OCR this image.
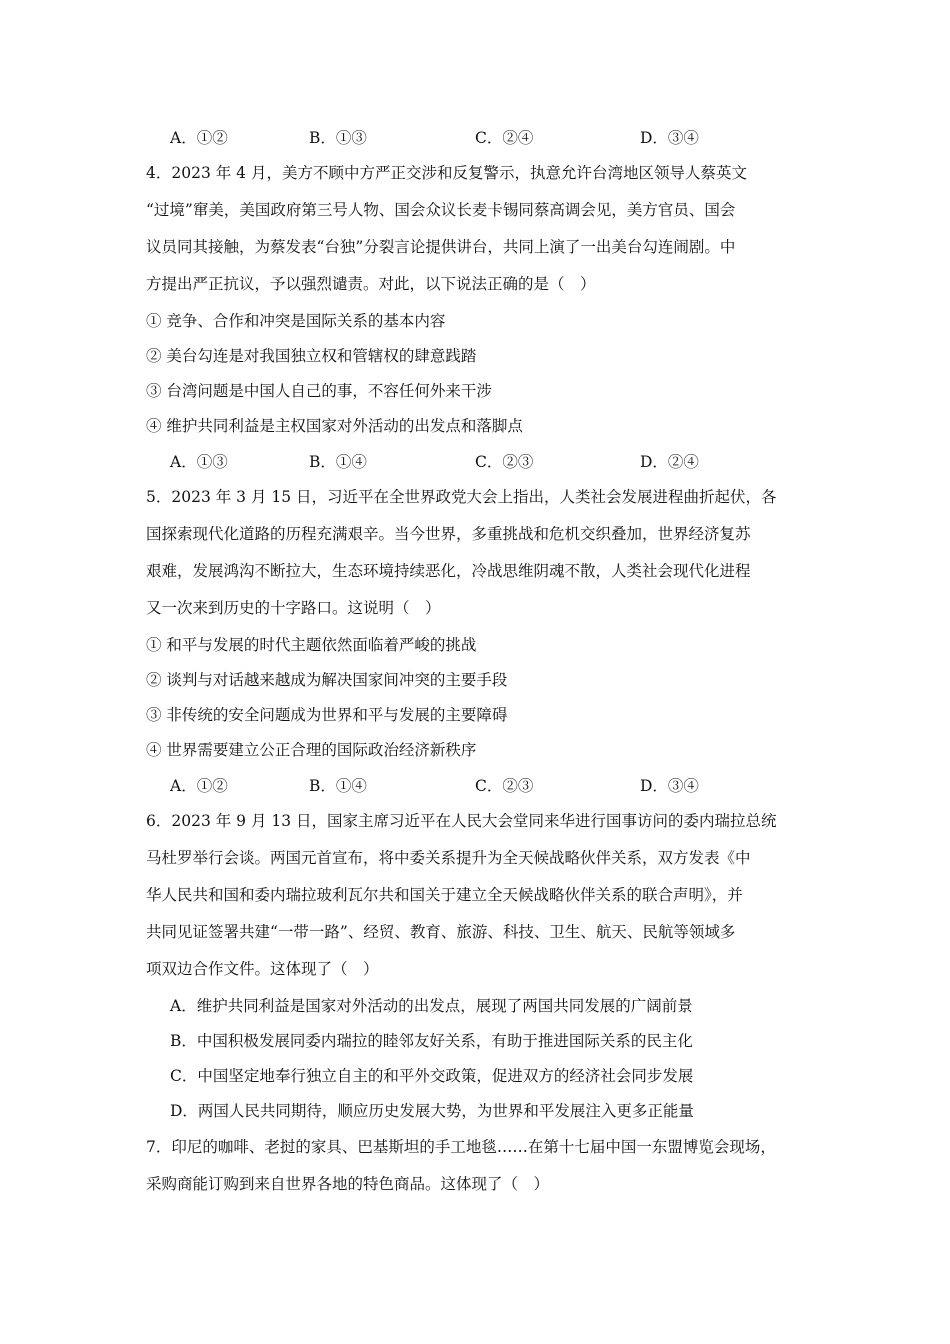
A．①②	B．①③	C．②④	D．③④
4．2023 年 4 月，美方不顾中方严正交涉和反复警示，执意允许台湾地区领导人蔡英文
“过境”窜美，美国政府第三号人物、国会众议长麦卡锡同蔡高调会见，美方官员、国会
议员同其接触，为蔡发表“台独”分裂言论提供讲台，共同上演了一出美台勾连闹剧。中
方提出严正抗议，予以强烈谴责。对此，以下说法正确的是（　）
① 竞争、合作和冲突是国际关系的基本内容
② 美台勾连是对我国独立权和管辖权的肆意践踏
③ 台湾问题是中国人自己的事，不容任何外来干涉
④ 维护共同利益是主权国家对外活动的出发点和落脚点
A．①③	B．①④	C．②③	D．②④
5．2023 年 3 月 15 日，习近平在全世界政党大会上指出，人类社会发展进程曲折起伏，各
国探索现代化道路的历程充满艰辛。当今世界，多重挑战和危机交织叠加，世界经济复苏
艰难，发展鸿沟不断拉大，生态环境持续恶化，冷战思维阴魂不散，人类社会现代化进程
又一次来到历史的十字路口。这说明（　）
① 和平与发展的时代主题依然面临着严峻的挑战
② 谈判与对话越来越成为解决国家间冲突的主要手段
③ 非传统的安全问题成为世界和平与发展的主要障碍
④ 世界需要建立公正合理的国际政治经济新秩序
A．①②	B．①④	C．②③	D．③④
6．2023 年 9 月 13 日，国家主席习近平在人民大会堂同来华进行国事访问的委内瑞拉总统
马杜罗举行会谈。两国元首宣布，将中委关系提升为全天候战略伙伴关系，双方发表《中
华人民共和国和委内瑞拉玻利瓦尔共和国关于建立全天候战略伙伴关系的联合声明》，并
共同见证签署共建“一带一路”、经贸、教育、旅游、科技、卫生、航天、民航等领域多
项双边合作文件。这体现了（　）
A．维护共同利益是国家对外活动的出发点，展现了两国共同发展的广阔前景
B．中国积极发展同委内瑞拉的睦邻友好关系，有助于推进国际关系的民主化
C．中国坚定地奉行独立自主的和平外交政策，促进双方的经济社会同步发展
D．两国人民共同期待，顺应历史发展大势，为世界和平发展注入更多正能量
7．印尼的咖啡、老挝的家具、巴基斯坦的手工地毯……在第十七届中国一东盟博览会现场，
采购商能订购到来自世界各地的特色商品。这体现了（　）
